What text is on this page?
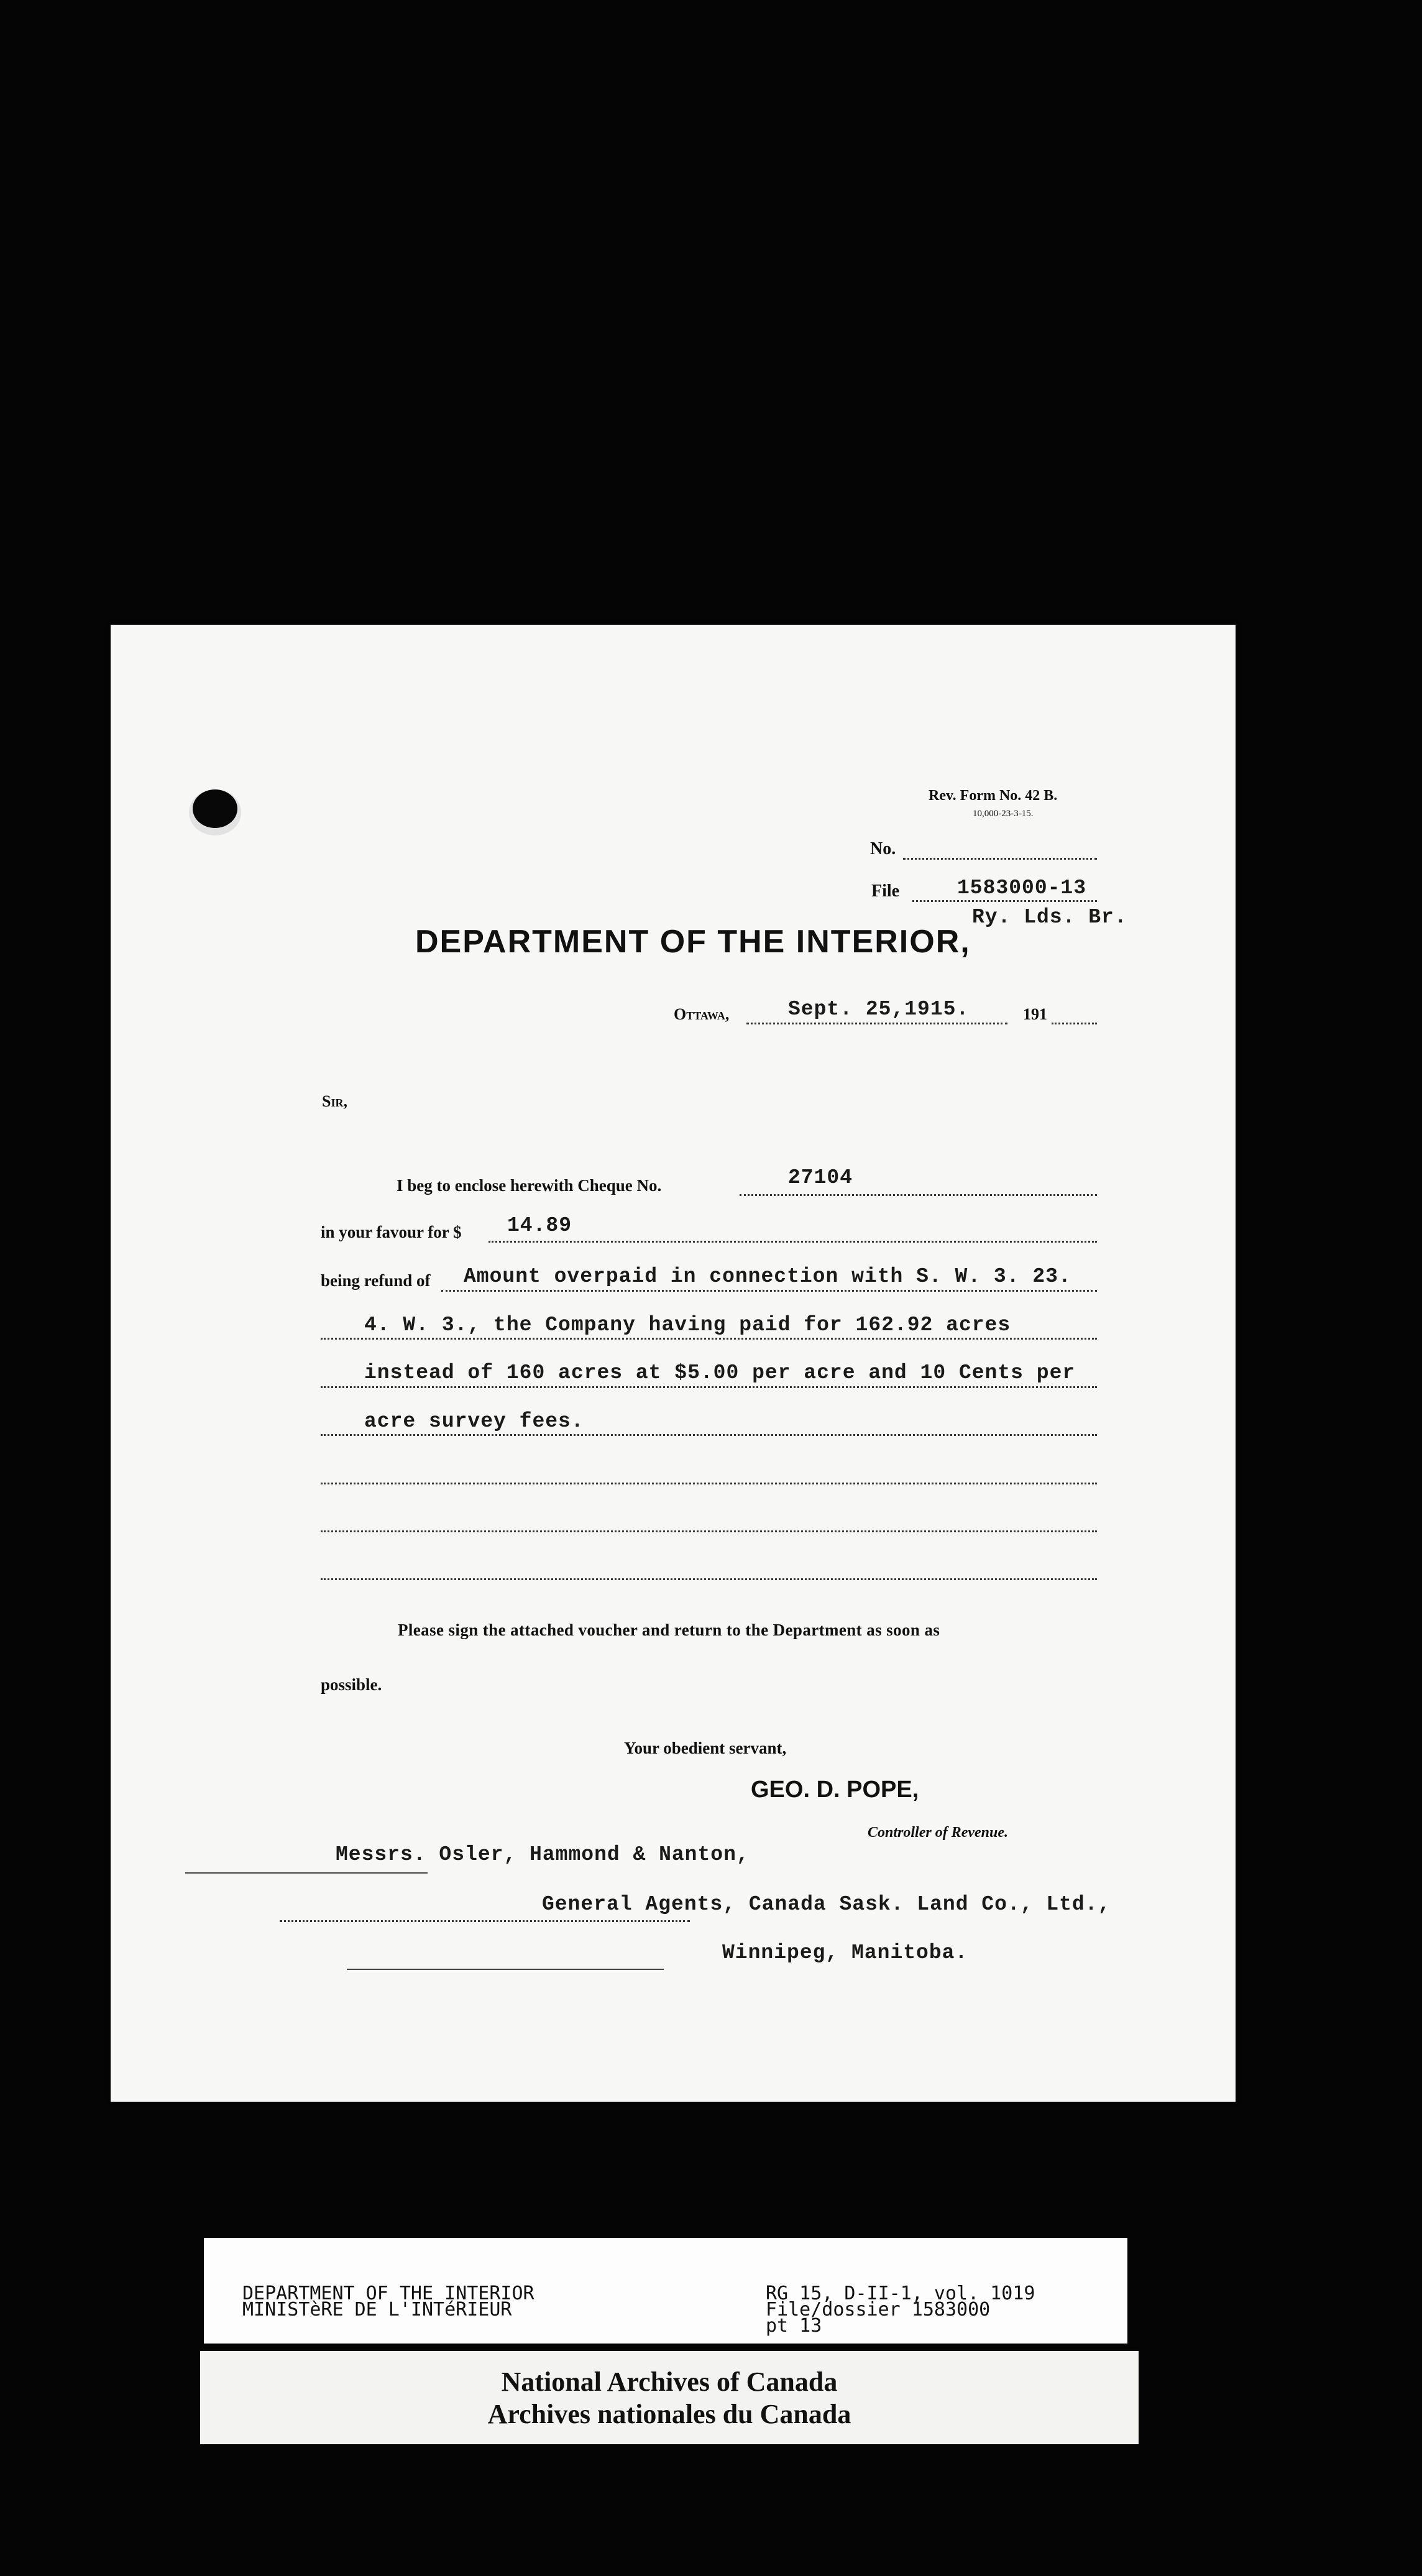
Rev. Form No. 42 B.
10,000-23-3-15.
No.
File	1583000-13
Ry. Lds. Br.
DEPARTMENT OF THE INTERIOR,
Ottawa,	Sept. 25,1915.	191
Sir,
I beg to enclose herewith Cheque No.	27104
in your favour for $ 14.89
being refund of Amount overpaid in connection with S. W. 3. 23.
4. W. 3., the Company having paid for 162.92 acres
instead of 160 acres at $5.00 per acre and 10 Cents per
acre survey fees.
Please sign the attached voucher and return to the Department as soon as
possible.
Your obedient servant,
GEO. D. POPE,
Controller of Revenue.
Messrs. Osler, Hammond & Nanton,
General Agents, Canada Sask. Land Co., Ltd.,
Winnipeg, Manitoba.
DEPARTMENT OF THE INTERIOR
MINISTèRE DE L'INTéRIEUR
RG 15, D-II-1, vol. 1019
File/dossier 1583000
pt 13
National Archives of Canada
Archives nationales du Canada
